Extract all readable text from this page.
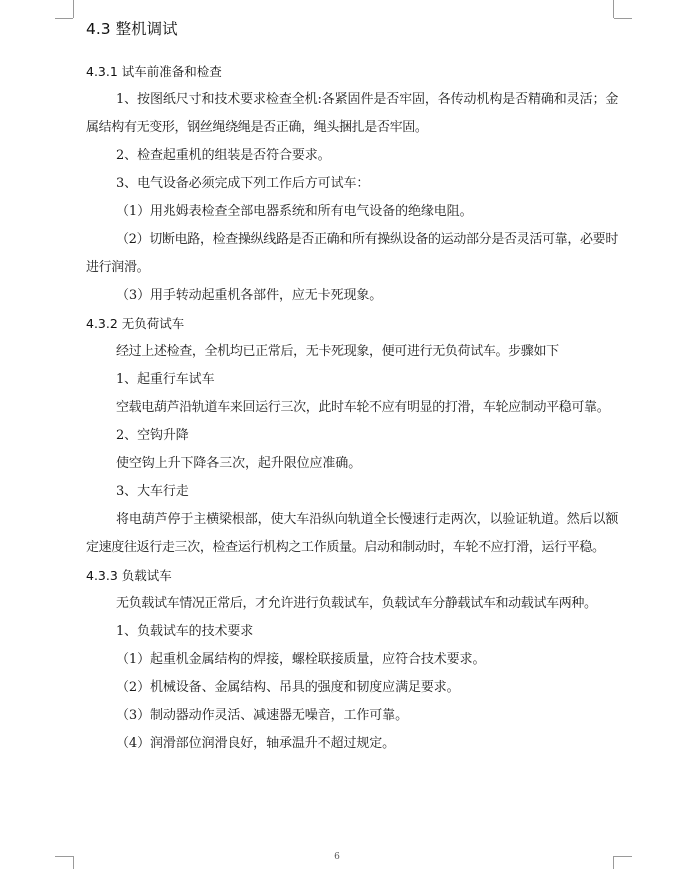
4.3 整机调试
4.3.1 试车前准备和检查

1、按图纸尺寸和技术要求检查全机:各紧固件是否牢固，各传动机构是否精确和灵活；金属结构有无变形，钢丝绳绕绳是否正确，绳头捆扎是否牢固。

2、检查起重机的组装是否符合要求。

3、电气设备必须完成下列工作后方可试车：

（1）用兆姆表检查全部电器系统和所有电气设备的绝缘电阻。

（2）切断电路，检查操纵线路是否正确和所有操纵设备的运动部分是否灵活可靠，必要时进行润滑。

（3）用手转动起重机各部件，应无卡死现象。

4.3.2 无负荷试车

经过上述检查，全机均已正常后，无卡死现象，便可进行无负荷试车。步骤如下

1、起重行车试车

空载电葫芦沿轨道车来回运行三次，此时车轮不应有明显的打滑，车轮应制动平稳可靠。

2、空钩升降

使空钩上升下降各三次，起升限位应准确。

3、大车行走

将电葫芦停于主横梁根部，使大车沿纵向轨道全长慢速行走两次，以验证轨道。然后以额定速度往返行走三次，检查运行机构之工作质量。启动和制动时，车轮不应打滑，运行平稳。

4.3.3 负载试车

无负载试车情况正常后，才允许进行负载试车，负载试车分静载试车和动载试车两种。

1、负载试车的技术要求

（1）起重机金属结构的焊接，螺栓联接质量，应符合技术要求。

（2）机械设备、金属结构、吊具的强度和韧度应满足要求。

（3）制动器动作灵活、减速器无噪音，工作可靠。

（4）润滑部位润滑良好，轴承温升不超过规定。

6
